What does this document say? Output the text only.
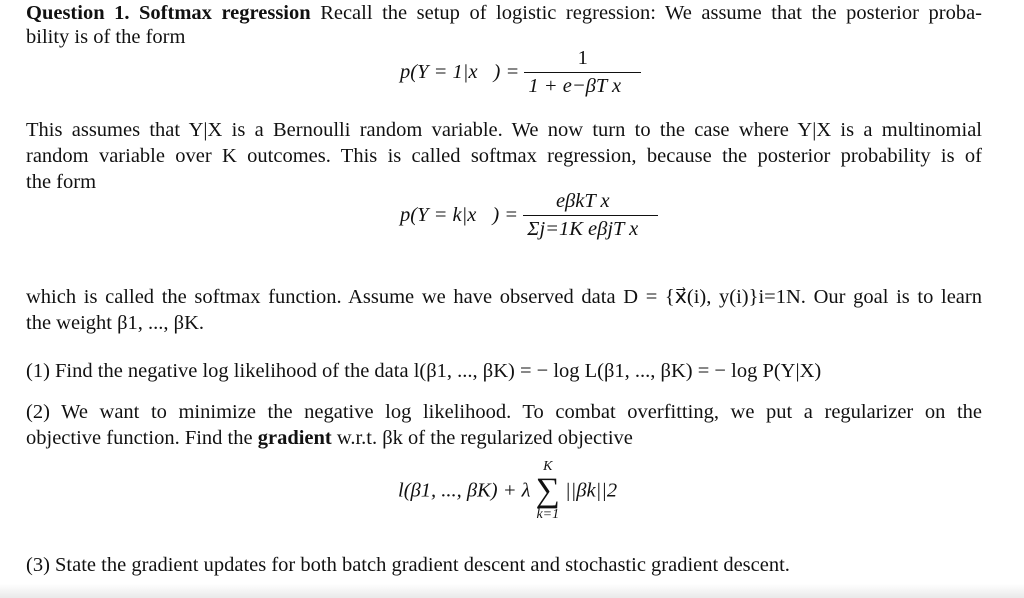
Question 1. Softmax regression Recall the setup of logistic regression: We assume that the posterior proba-
bility is of the form
p(Y = 1|x⃗) = $\frac{1}{\text{1 + e−βT x⃗}}$
This assumes that Y|X is a Bernoulli random variable. We now turn to the case where Y|X is a multinomial
random variable over K outcomes. This is called softmax regression, because the posterior probability is of
the form
p(Y = k|x⃗) = $\frac{\text{eβkT x⃗}}{\text{Σj=1K eβjT x⃗}}$
which is called the softmax function. Assume we have observed data D = {x⃗(i), y(i)}i=1N. Our goal is to learn
the weight β1, ..., βK.
(1) Find the negative log likelihood of the data l(β1, ..., βK) = − log L(β1, ..., βK) = − log P(Y|X)
(2) We want to minimize the negative log likelihood. To combat overfitting, we put a regularizer on the
objective function. Find the gradient w.r.t. βk of the regularized objective
l(β1, ..., βK) + λ
K
∑
k=1
||βk||2
(3) State the gradient updates for both batch gradient descent and stochastic gradient descent.
